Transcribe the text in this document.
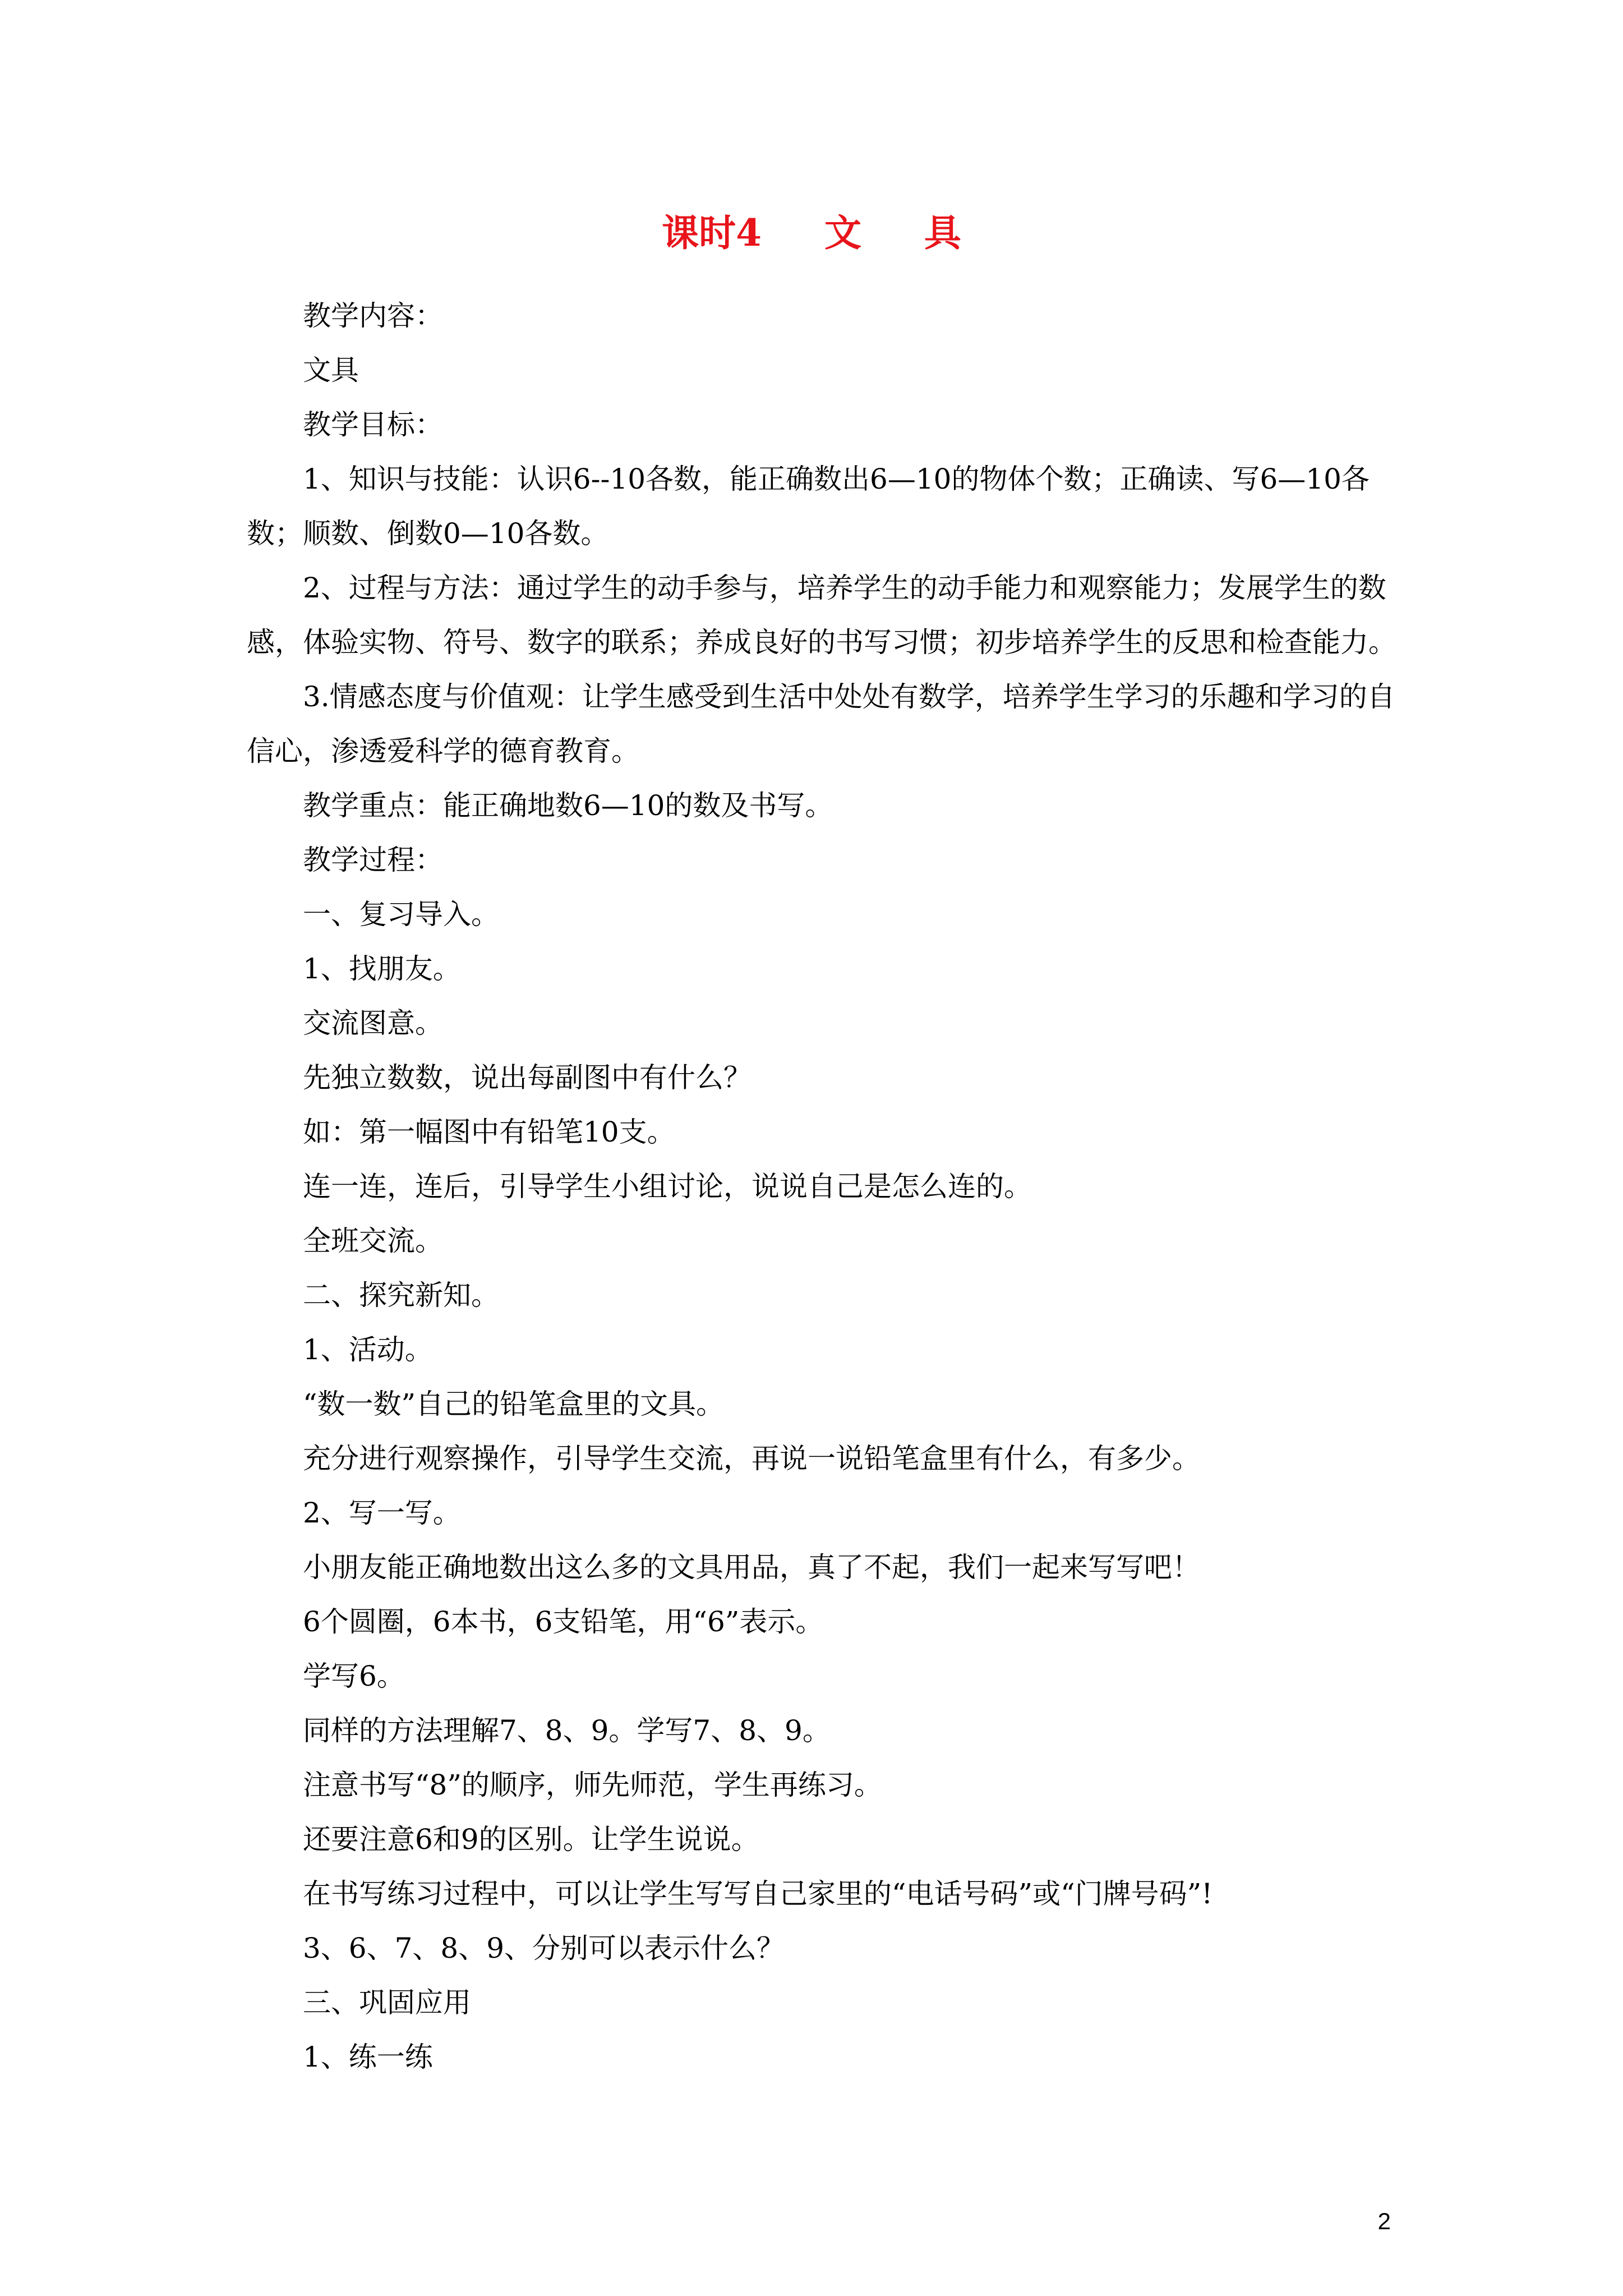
课时4　  文　  具

教学内容：

文具

教学目标：

1、知识与技能：认识6--10各数，能正确数出6—10的物体个数；正确读、写6—10各数；顺数、倒数0—10各数。

2、过程与方法：通过学生的动手参与，培养学生的动手能力和观察能力；发展学生的数感，体验实物、符号、数字的联系；养成良好的书写习惯；初步培养学生的反思和检查能力。

3.情感态度与价值观：让学生感受到生活中处处有数学，培养学生学习的乐趣和学习的自信心，渗透爱科学的德育教育。

教学重点：能正确地数6—10的数及书写。

教学过程：

一、复习导入。

1、找朋友。

交流图意。

先独立数数，说出每副图中有什么？

如：第一幅图中有铅笔10支。

连一连，连后，引导学生小组讨论，说说自己是怎么连的。

全班交流。

二、探究新知。

1、活动。

“数一数”自己的铅笔盒里的文具。

充分进行观察操作，引导学生交流，再说一说铅笔盒里有什么，有多少。

2、写一写。

小朋友能正确地数出这么多的文具用品，真了不起，我们一起来写写吧！

6个圆圈，6本书，6支铅笔，用“6”表示。

学写6。

同样的方法理解7、8、9。学写7、8、9。

注意书写“8”的顺序，师先师范，学生再练习。

还要注意6和9的区别。让学生说说。

在书写练习过程中，可以让学生写写自己家里的“电话号码”或“门牌号码”!

3、6、7、8、9、分别可以表示什么？

三、巩固应用

1、练一练

2
